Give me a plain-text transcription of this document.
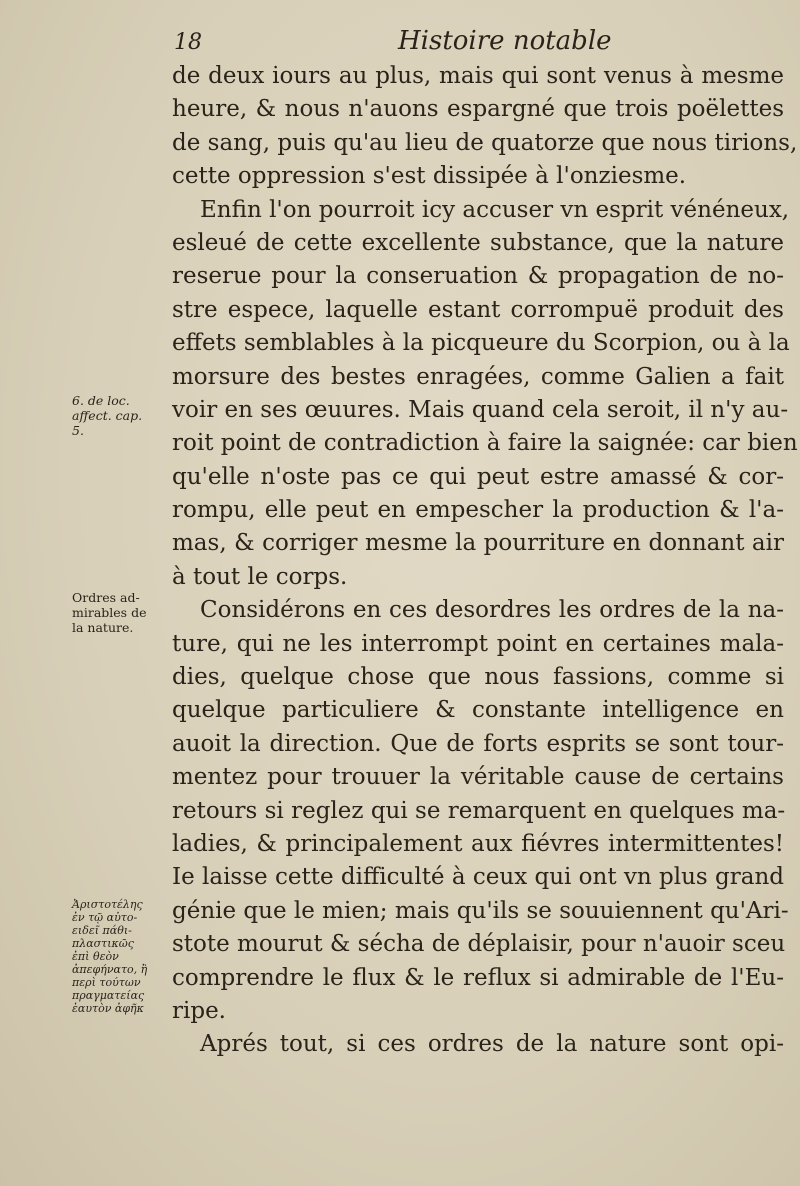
18	Histoire notable
de deux iours au plus, mais qui sont venus à mesme
heure, & nous n'auons espargné que trois poëlettes
de sang, puis qu'au lieu de quatorze que nous tirions,
cette oppression s'est dissipée à l'onziesme.
Enfin l'on pourroit icy accuser vn esprit vénéneux,
esleué de cette excellente substance, que la nature
reserue pour la conseruation & propagation de no-
stre espece, laquelle estant corrompuë produit des
effets semblables à la picqueure du Scorpion, ou à la
morsure des bestes enragées, comme Galien a fait
voir en ses œuures. Mais quand cela seroit, il n'y au-
roit point de contradiction à faire la saignée: car bien
qu'elle n'oste pas ce qui peut estre amassé & cor-
rompu, elle peut en empescher la production & l'a-
mas, & corriger mesme la pourriture en donnant air
à tout le corps.
Considérons en ces desordres les ordres de la na-
ture, qui ne les interrompt point en certaines mala-
dies, quelque chose que nous fassions, comme si
quelque particuliere & constante intelligence en
auoit la direction. Que de forts esprits se sont tour-
mentez pour trouuer la véritable cause de certains
retours si reglez qui se remarquent en quelques ma-
ladies, & principalement aux fiévres intermittentes!
Ie laisse cette difficulté à ceux qui ont vn plus grand
génie que le mien; mais qu'ils se souuiennent qu'Ari-
stote mourut & sécha de déplaisir, pour n'auoir sceu
comprendre le flux & le reflux si admirable de l'Eu-
ripe.
Aprés tout, si ces ordres de la nature sont opi-
6. de loc.
affect. cap.
5.
Ordres ad-
mirables de
la nature.
Ἀριστοτέλης
ἐν τῷ αὐτο-
ειδεῖ πάθι-
πλαστικῶς
ἐπὶ θεὸν
ἀπεφήνατο, ἢ
περὶ τούτων
πραγματείας
ἑαυτὸν ἀφῆκ
